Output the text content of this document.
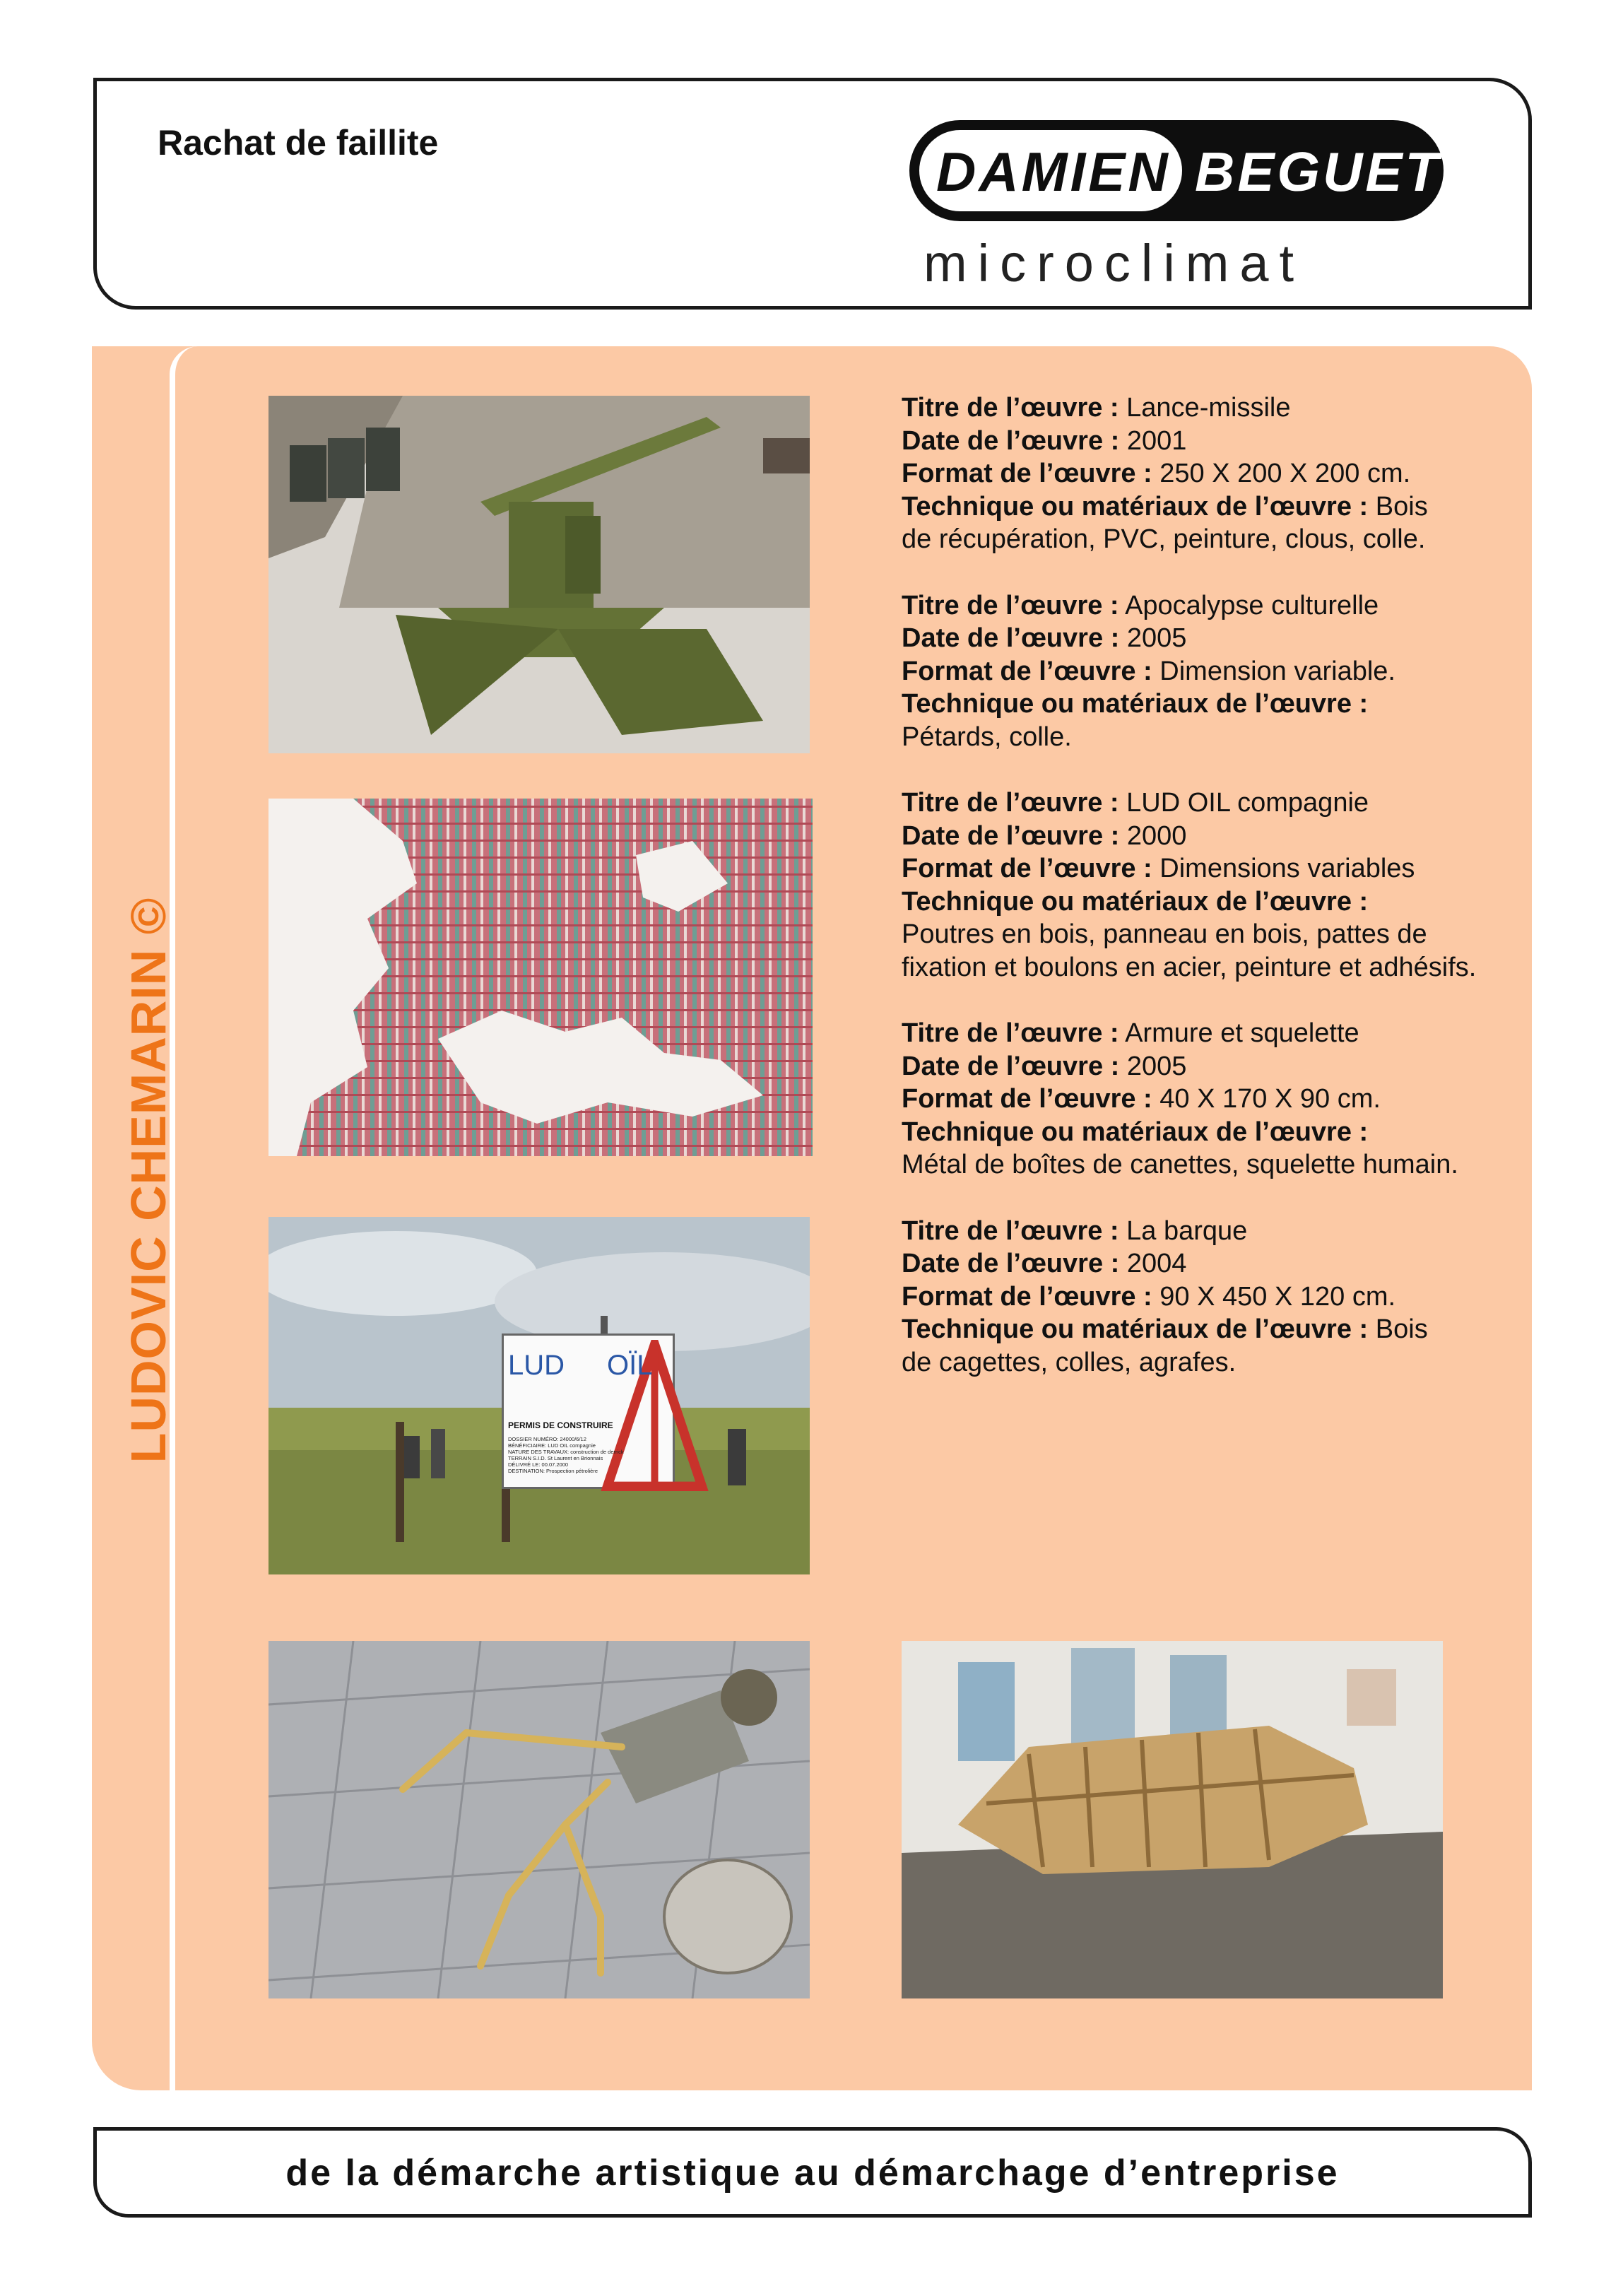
Rachat de faillite	DAMIEN BEGUET
microclimat
LUDOVIC CHEMARIN ©	LUD OÏL
PERMIS DE CONSTRUIRE
DOSSIER NUMÉRO: 24000/6/12
BÉNÉFICIAIRE: LUD OIL compagnie
NATURE DES TRAVAUX: construction de derrick
TERRAIN S.I.D. St Laurent en Brionnais
DÉLIVRÉ LE: 00.07.2000
DESTINATION: Prospection pétrolière

Titre de l’œuvre : Lance-missile

Date de l’œuvre : 2001

Format de l’œuvre : 250 X 200 X 200 cm.

Technique ou matériaux de l’œuvre : Bois

de récupération, PVC, peinture, clous, colle.

Titre de l’œuvre : Apocalypse culturelle

Date de l’œuvre : 2005

Format de l’œuvre : Dimension variable.

Technique ou matériaux de l’œuvre :

Pétards, colle.

Titre de l’œuvre : LUD OIL compagnie

Date de l’œuvre : 2000

Format de l’œuvre : Dimensions variables

Technique ou matériaux de l’œuvre :

Poutres en bois, panneau en bois, pattes de fixation et boulons en acier, peinture et adhésifs.

Titre de l’œuvre : Armure et squelette

Date de l’œuvre : 2005

Format de l’œuvre : 40 X 170 X 90 cm.

Technique ou matériaux de l’œuvre :

Métal de boîtes de canettes, squelette humain.

Titre de l’œuvre : La barque

Date de l’œuvre : 2004

Format de l’œuvre : 90 X 450 X 120 cm.

Technique ou matériaux de l’œuvre : Bois

de cagettes, colles, agrafes.

de la démarche artistique au démarchage d’entreprise
